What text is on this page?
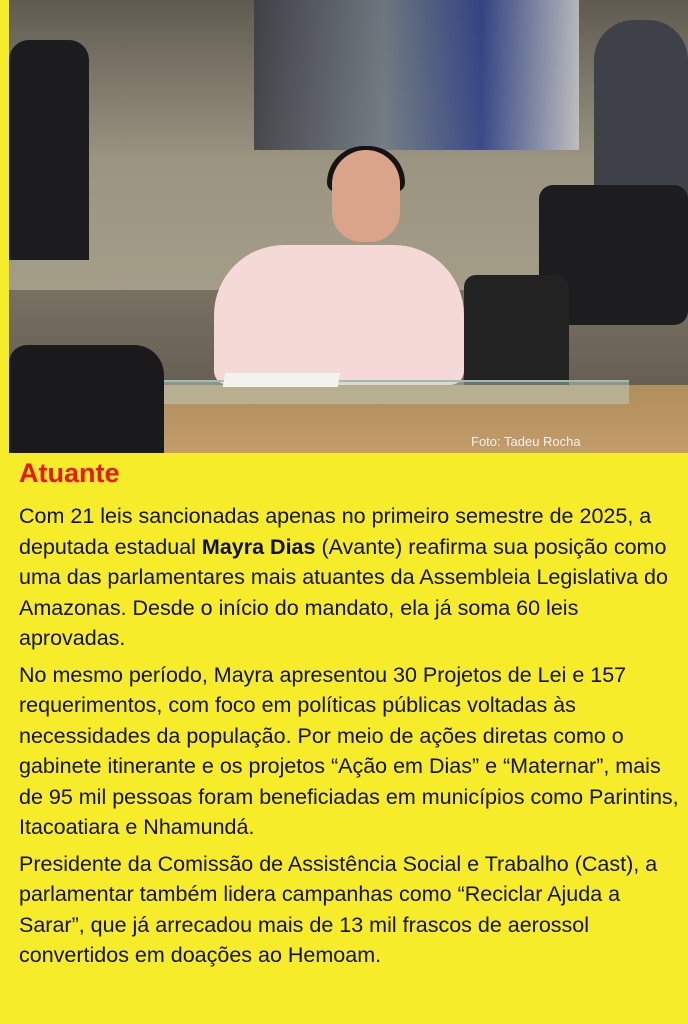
Foto: Tadeu Rocha
Atuante

Com 21 leis sancionadas apenas no primeiro semestre de 2025, a deputada estadual Mayra Dias (Avante) reafirma sua posição como uma das parlamentares mais atuantes da Assembleia Legislativa do Amazonas. Desde o início do mandato, ela já soma 60 leis aprovadas.

No mesmo período, Mayra apresentou 30 Projetos de Lei e 157 requerimentos, com foco em políticas públicas voltadas às necessidades da população. Por meio de ações diretas como o gabinete itinerante e os projetos “Ação em Dias” e “Maternar”, mais de 95 mil pessoas foram beneficiadas em municípios como Parintins, Itacoatiara e Nhamundá.

Presidente da Comissão de Assistência Social e Trabalho (Cast), a parlamentar também lidera campanhas como “Reciclar Ajuda a Sarar”, que já arrecadou mais de 13 mil frascos de aerossol convertidos em doações ao Hemoam.
